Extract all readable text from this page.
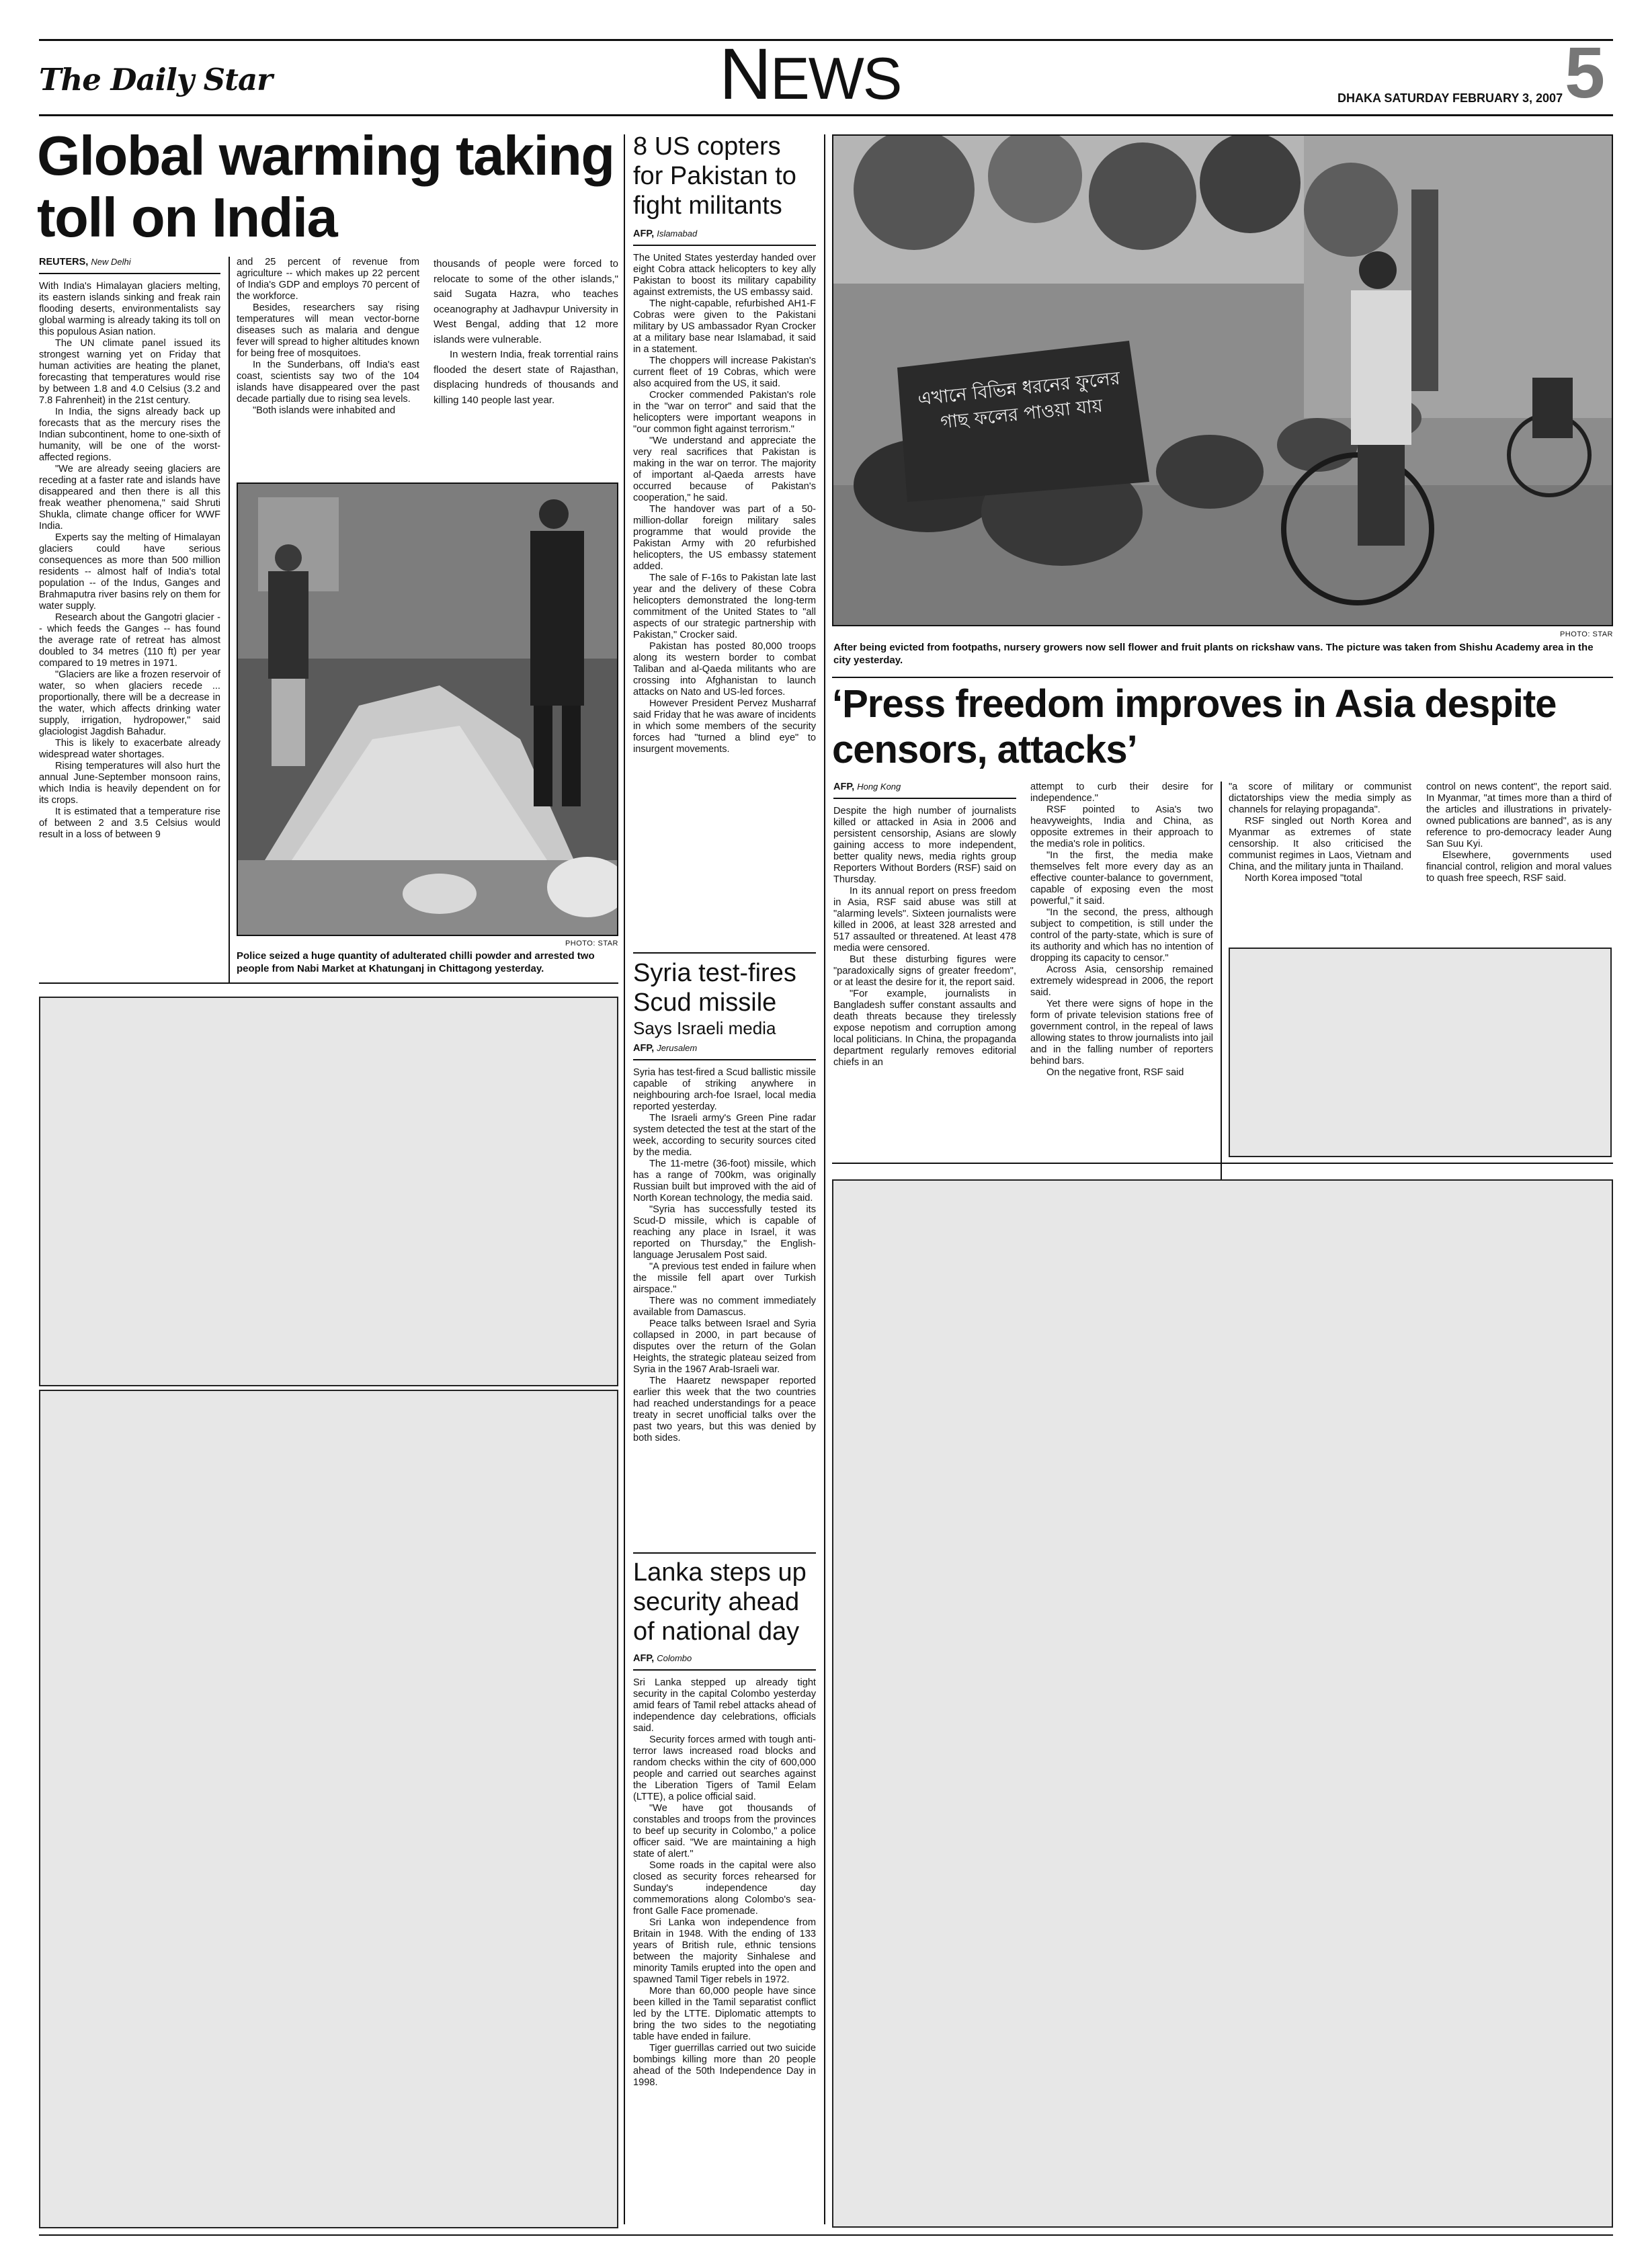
The Daily Star	NEWS	DHAKA SATURDAY FEBRUARY 3, 2007 5
Global warming taking toll on India
REUTERS, New Delhi

With India's Himalayan glaciers melting, its eastern islands sinking and freak rain flooding deserts, environmentalists say global warming is already taking its toll on this populous Asian nation.

The UN climate panel issued its strongest warning yet on Friday that human activities are heating the planet, forecasting that temperatures would rise by between 1.8 and 4.0 Celsius (3.2 and 7.8 Fahrenheit) in the 21st century.

In India, the signs already back up forecasts that as the mercury rises the Indian subcontinent, home to one-sixth of humanity, will be one of the worst-affected regions.

"We are already seeing glaciers are receding at a faster rate and islands have disappeared and then there is all this freak weather phenomena," said Shruti Shukla, climate change officer for WWF India.

Experts say the melting of Himalayan glaciers could have serious consequences as more than 500 million residents -- almost half of India's total population -- of the Indus, Ganges and Brahmaputra river basins rely on them for water supply.

Research about the Gangotri glacier -- which feeds the Ganges -- has found the average rate of retreat has almost doubled to 34 metres (110 ft) per year compared to 19 metres in 1971.

"Glaciers are like a frozen reservoir of water, so when glaciers recede ... proportionally, there will be a decrease in the water, which affects drinking water supply, irrigation, hydropower," said glaciologist Jagdish Bahadur.

This is likely to exacerbate already widespread water shortages.

Rising temperatures will also hurt the annual June-September monsoon rains, which India is heavily dependent on for its crops.

It is estimated that a temperature rise of between 2 and 3.5 Celsius would result in a loss of between 9

and 25 percent of revenue from agriculture -- which makes up 22 percent of India's GDP and employs 70 percent of the workforce.

Besides, researchers say rising temperatures will mean vector-borne diseases such as malaria and dengue fever will spread to higher altitudes known for being free of mosquitoes.

In the Sunderbans, off India's east coast, scientists say two of the 104 islands have disappeared over the past decade partially due to rising sea levels.

"Both islands were inhabited and

thousands of people were forced to relocate to some of the other islands," said Sugata Hazra, who teaches oceanography at Jadhavpur University in West Bengal, adding that 12 more islands were vulnerable.

In western India, freak torrential rains flooded the desert state of Rajasthan, displacing hundreds of thousands and killing 140 people last year.

PHOTO: STAR
Police seized a huge quantity of adulterated chilli powder and arrested two people from Nabi Market at Khatunganj in Chittagong yesterday.
8 US copters for Pakistan to fight militants
AFP, Islamabad

The United States yesterday handed over eight Cobra attack helicopters to key ally Pakistan to boost its military capability against extremists, the US embassy said.

The night-capable, refurbished AH1-F Cobras were given to the Pakistani military by US ambassador Ryan Crocker at a military base near Islamabad, it said in a statement.

The choppers will increase Pakistan's current fleet of 19 Cobras, which were also acquired from the US, it said.

Crocker commended Pakistan's role in the "war on terror" and said that the helicopters were important weapons in "our common fight against terrorism."

"We understand and appreciate the very real sacrifices that Pakistan is making in the war on terror. The majority of important al-Qaeda arrests have occurred because of Pakistan's cooperation," he said.

The handover was part of a 50-million-dollar foreign military sales programme that would provide the Pakistan Army with 20 refurbished helicopters, the US embassy statement added.

The sale of F-16s to Pakistan late last year and the delivery of these Cobra helicopters demonstrated the long-term commitment of the United States to "all aspects of our strategic partnership with Pakistan," Crocker said.

Pakistan has posted 80,000 troops along its western border to combat Taliban and al-Qaeda militants who are crossing into Afghanistan to launch attacks on Nato and US-led forces.

However President Pervez Musharraf said Friday that he was aware of incidents in which some members of the security forces had "turned a blind eye" to insurgent movements.

Syria test-fires Scud missile
Says Israeli media
AFP, Jerusalem

Syria has test-fired a Scud ballistic missile capable of striking anywhere in neighbouring arch-foe Israel, local media reported yesterday.

The Israeli army's Green Pine radar system detected the test at the start of the week, according to security sources cited by the media.

The 11-metre (36-foot) missile, which has a range of 700km, was originally Russian built but improved with the aid of North Korean technology, the media said.

"Syria has successfully tested its Scud-D missile, which is capable of reaching any place in Israel, it was reported on Thursday," the English-language Jerusalem Post said.

"A previous test ended in failure when the missile fell apart over Turkish airspace."

There was no comment immediately available from Damascus.

Peace talks between Israel and Syria collapsed in 2000, in part because of disputes over the return of the Golan Heights, the strategic plateau seized from Syria in the 1967 Arab-Israeli war.

The Haaretz newspaper reported earlier this week that the two countries had reached understandings for a peace treaty in secret unofficial talks over the past two years, but this was denied by both sides.

Lanka steps up security ahead of national day
AFP, Colombo

Sri Lanka stepped up already tight security in the capital Colombo yesterday amid fears of Tamil rebel attacks ahead of independence day celebrations, officials said.

Security forces armed with tough anti-terror laws increased road blocks and random checks within the city of 600,000 people and carried out searches against the Liberation Tigers of Tamil Eelam (LTTE), a police official said.

"We have got thousands of constables and troops from the provinces to beef up security in Colombo," a police officer said. "We are maintaining a high state of alert."

Some roads in the capital were also closed as security forces rehearsed for Sunday's independence day commemorations along Colombo's sea-front Galle Face promenade.

Sri Lanka won independence from Britain in 1948. With the ending of 133 years of British rule, ethnic tensions between the majority Sinhalese and minority Tamils erupted into the open and spawned Tamil Tiger rebels in 1972.

More than 60,000 people have since been killed in the Tamil separatist conflict led by the LTTE. Diplomatic attempts to bring the two sides to the negotiating table have ended in failure.

Tiger guerrillas carried out two suicide bombings killing more than 20 people ahead of the 50th Independence Day in 1998.

এখানে বিভিন্ন ধরনের ফুলের গাছ ফলের পাওয়া যায়
PHOTO: STAR
After being evicted from footpaths, nursery growers now sell flower and fruit plants on rickshaw vans. The picture was taken from Shishu Academy area in the city yesterday.
‘Press freedom improves in Asia despite censors, attacks’
AFP, Hong Kong

Despite the high number of journalists killed or attacked in Asia in 2006 and persistent censorship, Asians are slowly gaining access to more independent, better quality news, media rights group Reporters Without Borders (RSF) said on Thursday.

In its annual report on press freedom in Asia, RSF said abuse was still at "alarming levels". Sixteen journalists were killed in 2006, at least 328 arrested and 517 assaulted or threatened. At least 478 media were censored.

But these disturbing figures were "paradoxically signs of greater freedom", or at least the desire for it, the report said.

"For example, journalists in Bangladesh suffer constant assaults and death threats because they tirelessly expose nepotism and corruption among local politicians. In China, the propaganda department regularly removes editorial chiefs in an

attempt to curb their desire for independence."

RSF pointed to Asia's two heavyweights, India and China, as opposite extremes in their approach to the media's role in politics.

"In the first, the media make themselves felt more every day as an effective counter-balance to government, capable of exposing even the most powerful," it said.

"In the second, the press, although subject to competition, is still under the control of the party-state, which is sure of its authority and which has no intention of dropping its capacity to censor."

Across Asia, censorship remained extremely widespread in 2006, the report said.

Yet there were signs of hope in the form of private television stations free of government control, in the repeal of laws allowing states to throw journalists into jail and in the falling number of reporters behind bars.

On the negative front, RSF said

"a score of military or communist dictatorships view the media simply as channels for relaying propaganda".

RSF singled out North Korea and Myanmar as extremes of state censorship. It also criticised the communist regimes in Laos, Vietnam and China, and the military junta in Thailand.

North Korea imposed "total

control on news content", the report said. In Myanmar, "at times more than a third of the articles and illustrations in privately-owned publications are banned", as is any reference to pro-democracy leader Aung San Suu Kyi.

Elsewhere, governments used financial control, religion and moral values to quash free speech, RSF said.
